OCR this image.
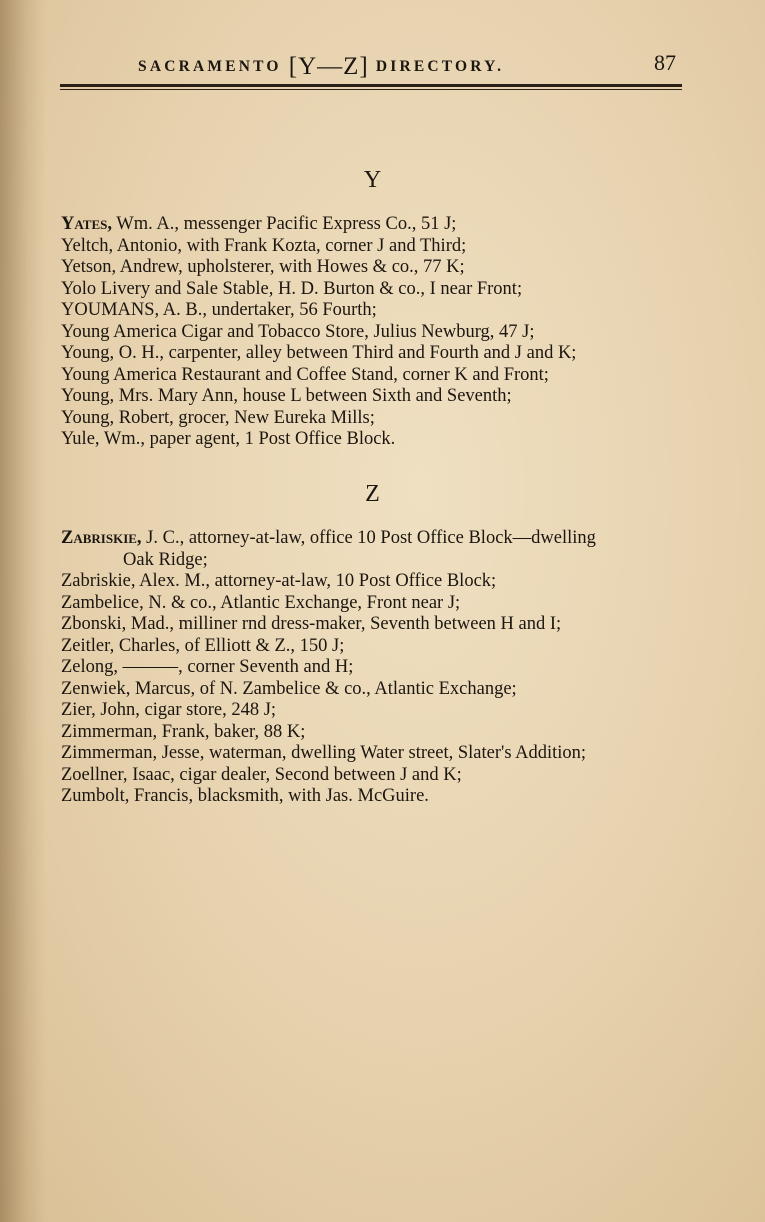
SACRAMENTO [Y—Z] DIRECTORY.	87
Y
Yates, Wm. A., messenger Pacific Express Co., 51 J;
Yeltch, Antonio, with Frank Kozta, corner J and Third;
Yetson, Andrew, upholsterer, with Howes & co., 77 K;
Yolo Livery and Sale Stable, H. D. Burton & co., I near Front;
YOUMANS, A. B., undertaker, 56 Fourth;
Young America Cigar and Tobacco Store, Julius Newburg, 47 J;
Young, O. H., carpenter, alley between Third and Fourth and J and K;
Young America Restaurant and Coffee Stand, corner K and Front;
Young, Mrs. Mary Ann, house L between Sixth and Seventh;
Young, Robert, grocer, New Eureka Mills;
Yule, Wm., paper agent, 1 Post Office Block.
Z
Zabriskie, J. C., attorney-at-law, office 10 Post Office Block—dwelling
Oak Ridge;
Zabriskie, Alex. M., attorney-at-law, 10 Post Office Block;
Zambelice, N. & co., Atlantic Exchange, Front near J;
Zbonski, Mad., milliner rnd dress-maker, Seventh between H and I;
Zeitler, Charles, of Elliott & Z., 150 J;
Zelong, ———, corner Seventh and H;
Zenwiek, Marcus, of N. Zambelice & co., Atlantic Exchange;
Zier, John, cigar store, 248 J;
Zimmerman, Frank, baker, 88 K;
Zimmerman, Jesse, waterman, dwelling Water street, Slater's Addition;
Zoellner, Isaac, cigar dealer, Second between J and K;
Zumbolt, Francis, blacksmith, with Jas. McGuire.
